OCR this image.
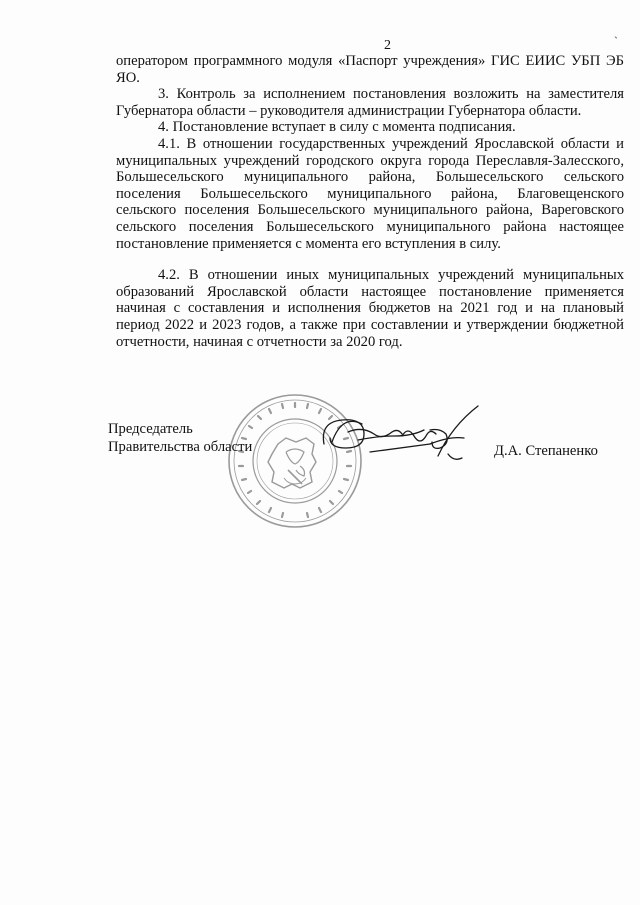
2	`

оператором программного модуля «Паспорт учреждения» ГИС ЕИИС УБП ЭБ ЯО.

3. Контроль за исполнением постановления возложить на заместителя Губернатора области – руководителя администрации Губернатора области.

4. Постановление вступает в силу с момента подписания.

4.1. В отношении государственных учреждений Ярославской области и муниципальных учреждений городского округа города Переславля-Залесского, Большесельского муниципального района, Большесельского сельского поселения Большесельского муниципального района, Благовещенского сельского поселения Большесельского муниципального района, Вареговского сельского поселения Большесельского муниципального района настоящее постановление применяется с момента его вступления в силу.

4.2. В отношении иных муниципальных учреждений муниципальных образований Ярославской области настоящее постановление применяется начиная с составления и исполнения бюджетов на 2021 год и на плановый период 2022 и 2023 годов, а также при составлении и утверждении бюджетной отчетности, начиная с отчетности за 2020 год.

Председатель
Правительства области	Д.А. Степаненко
